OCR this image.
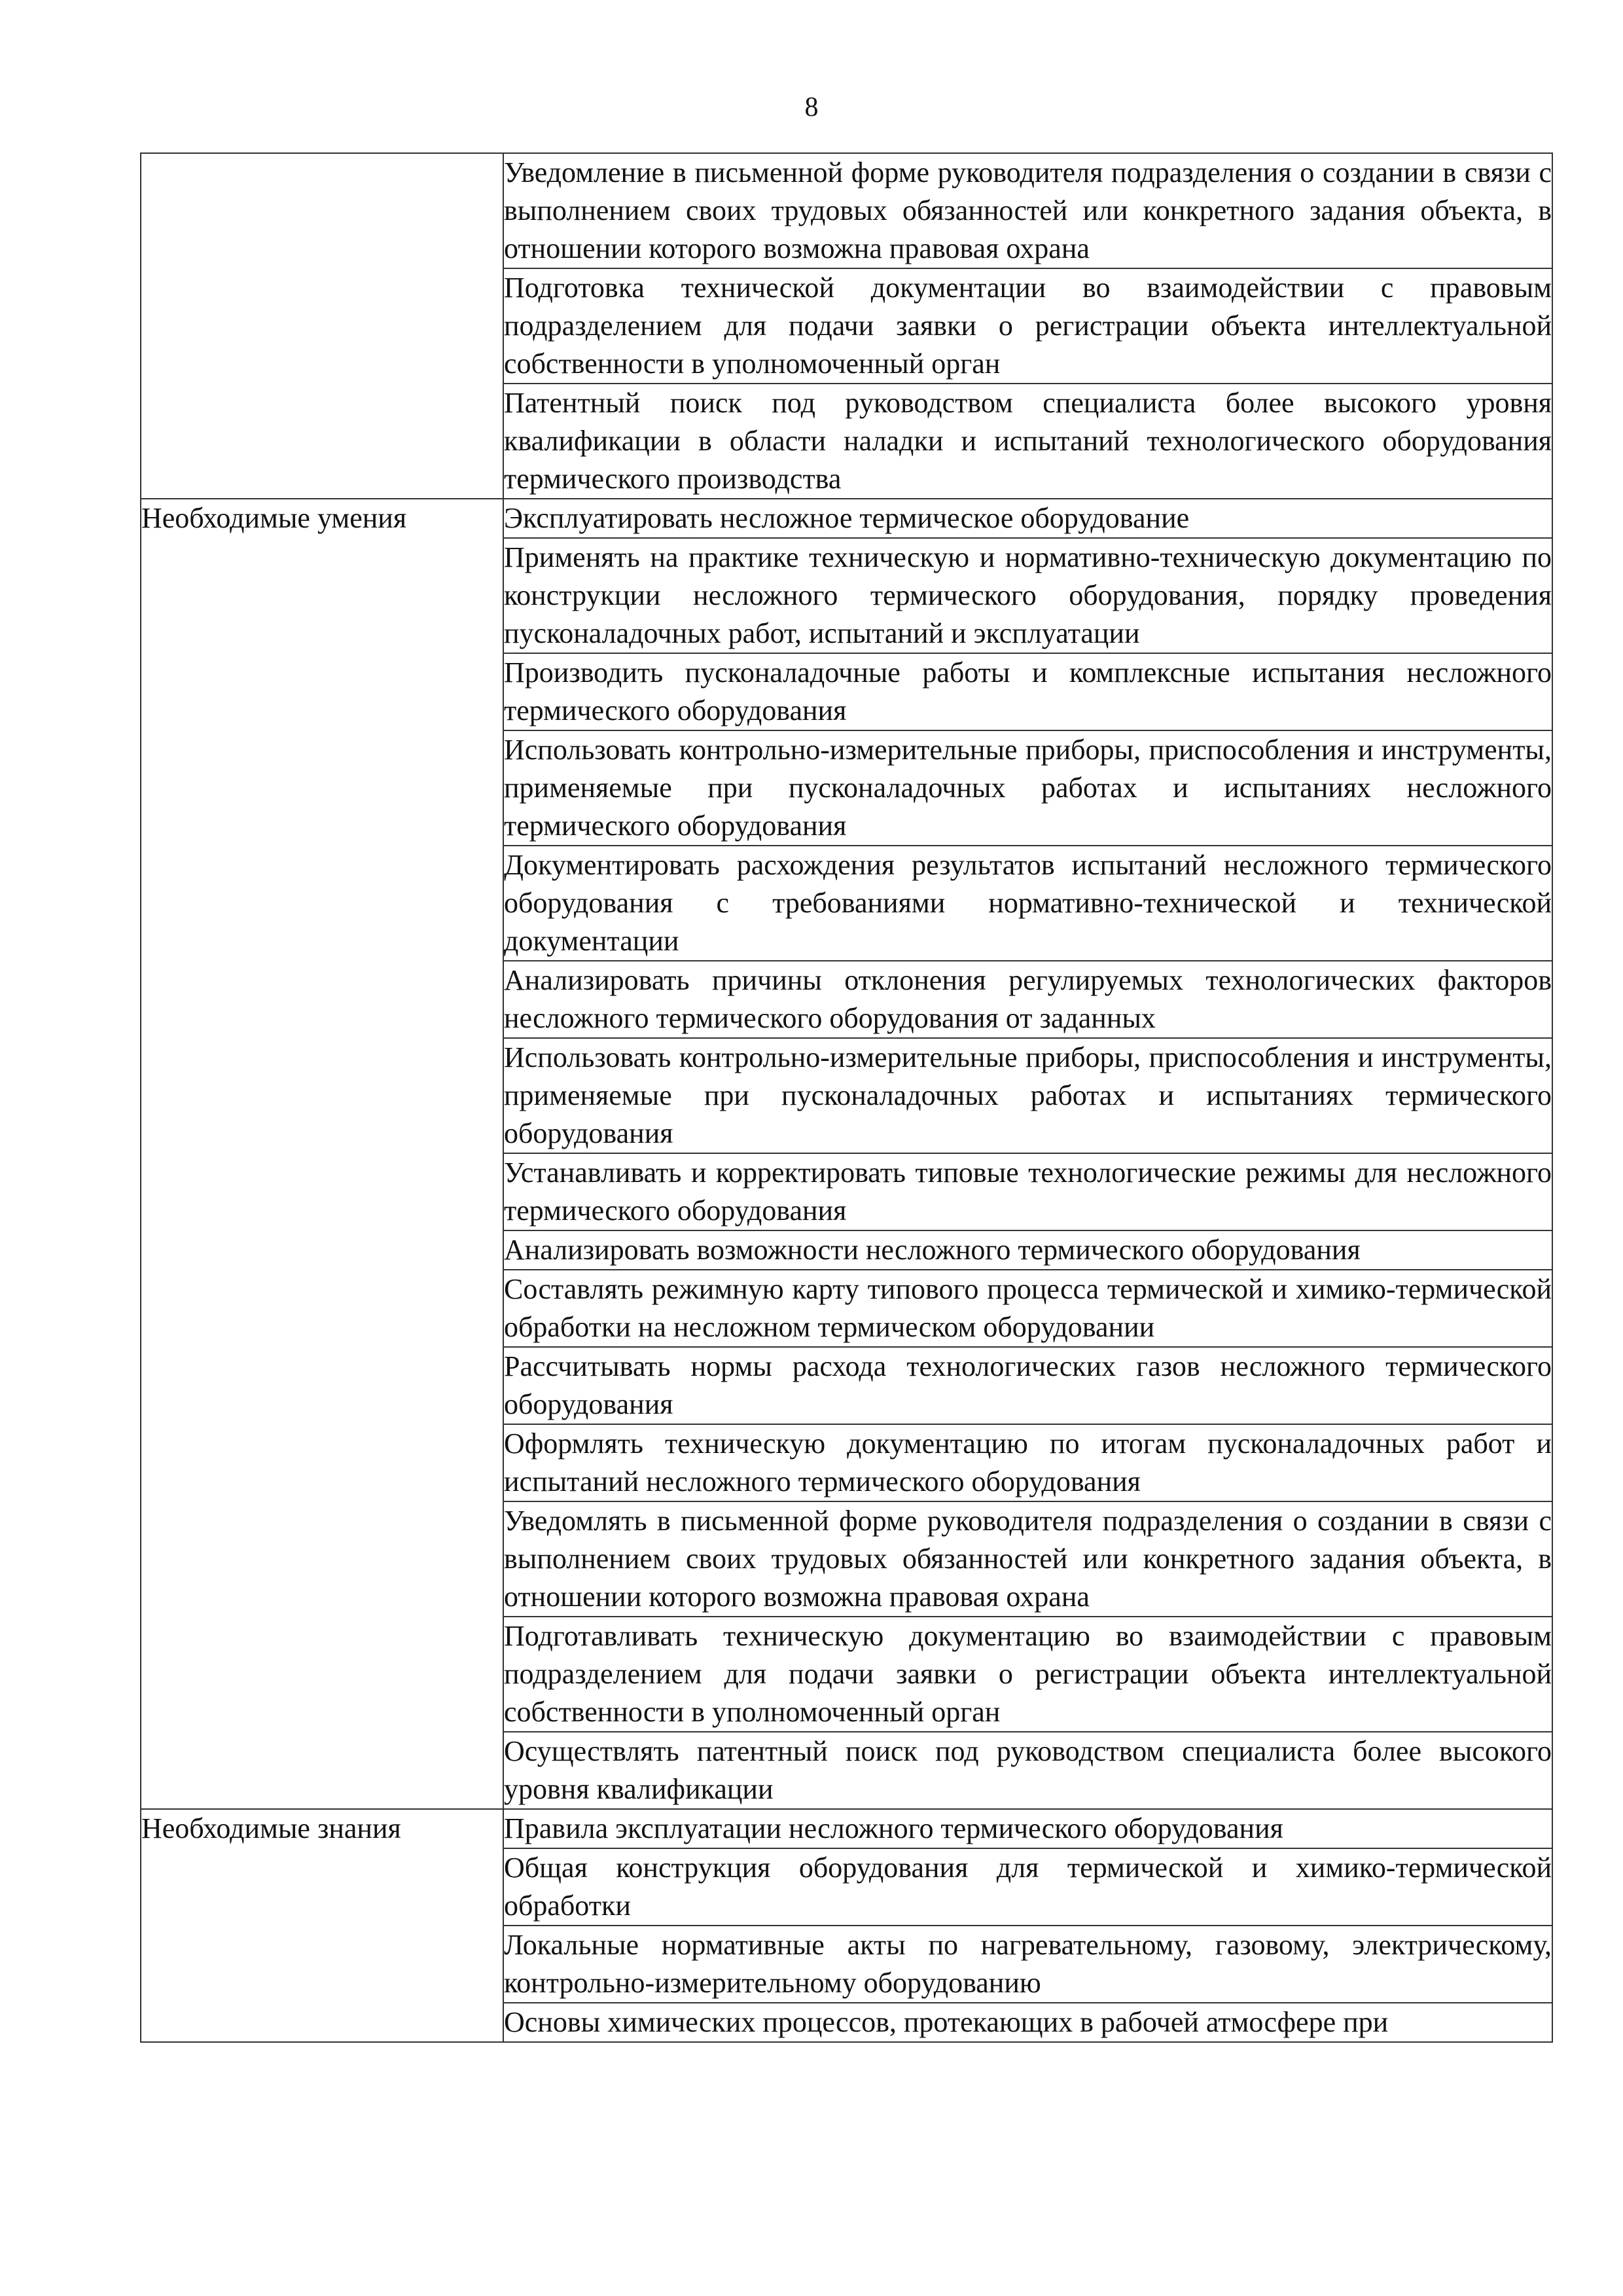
8
	Уведомление в письменной форме руководителя подразделения о создании в связи с выполнением своих трудовых обязанностей или конкретного задания объекта, в отношении которого возможна правовая охрана
	Подготовка технической документации во взаимодействии с правовым подразделением для подачи заявки о регистрации объекта интеллектуальной собственности в уполномоченный орган
	Патентный поиск под руководством специалиста более высокого уровня квалификации в области наладки и испытаний технологического оборудования термического производства
Необходимые умения	Эксплуатировать несложное термическое оборудование
	Применять на практике техническую и нормативно-техническую документацию по конструкции несложного термического оборудования, порядку проведения пусконаладочных работ, испытаний и эксплуатации
	Производить пусконаладочные работы и комплексные испытания несложного термического оборудования
	Использовать контрольно-измерительные приборы, приспособления и инструменты, применяемые при пусконаладочных работах и испытаниях несложного термического оборудования
	Документировать расхождения результатов испытаний несложного термического оборудования с требованиями нормативно-технической и технической документации
	Анализировать причины отклонения регулируемых технологических факторов несложного термического оборудования от заданных
	Использовать контрольно-измерительные приборы, приспособления и инструменты, применяемые при пусконаладочных работах и испытаниях термического оборудования
	Устанавливать и корректировать типовые технологические режимы для несложного термического оборудования
	Анализировать возможности несложного термического оборудования
	Составлять режимную карту типового процесса термической и химико-термической обработки на несложном термическом оборудовании
	Рассчитывать нормы расхода технологических газов несложного термического оборудования
	Оформлять техническую документацию по итогам пусконаладочных работ и испытаний несложного термического оборудования
	Уведомлять в письменной форме руководителя подразделения о создании в связи с выполнением своих трудовых обязанностей или конкретного задания объекта, в отношении которого возможна правовая охрана
	Подготавливать техническую документацию во взаимодействии с правовым подразделением для подачи заявки о регистрации объекта интеллектуальной собственности в уполномоченный орган
	Осуществлять патентный поиск под руководством специалиста более высокого уровня квалификации
Необходимые знания	Правила эксплуатации несложного термического оборудования
	Общая конструкция оборудования для термической и химико-термической обработки
	Локальные нормативные акты по нагревательному, газовому, электрическому, контрольно-измерительному оборудованию
	Основы химических процессов, протекающих в рабочей атмосфере при
